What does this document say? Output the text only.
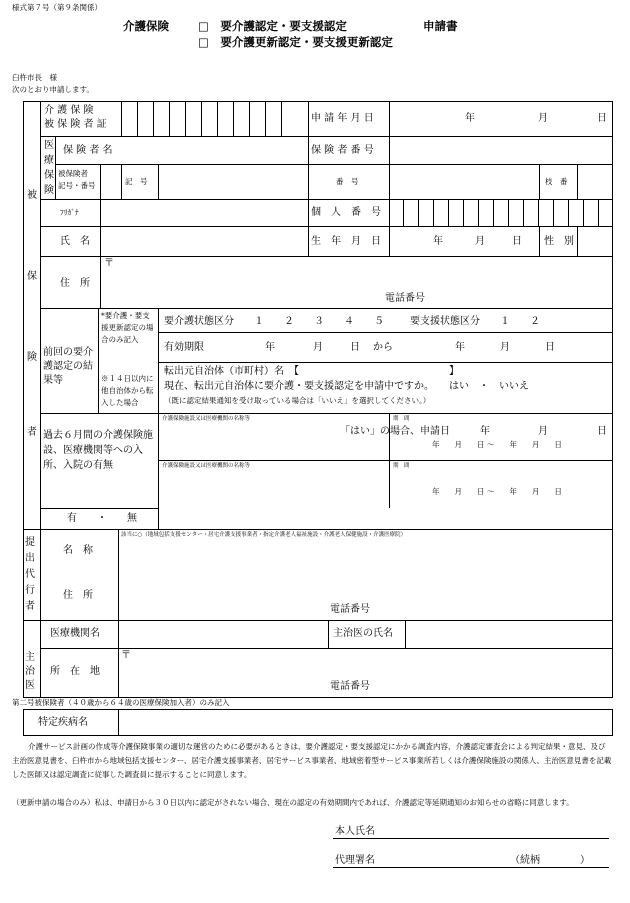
様式第７号（第９条関係）
介護保険	□　要介護認定・要支援認定
□　要介護更新認定・要支援更新認定
申請書
臼杵市長　様
次のとおり申請します。
被
保
険
者
提出代行者
主治医
介 護 保 険
被 保 険 者 証
申 請 年 月 日	年	月	日
医療保険
保 険 者 名	保 険 者 番 号
被保険者
記号・番号	記　号	番　号	枝　番
ﾌﾘｶﾞﾅ	個　人　番　号
氏　名	生　年　月　日	年	月	日 性　別
住　所
〒
電話番号
前回の要介護認定の結果等
*要介護・要支援更新認定の場合のみ記入
要介護状態区分　　１　　２　　３　　４　　５	要支援状態区分　　１　　２
有効期限	年	月	日 から	年	月	日
※１４日以内に他自治体から転入した場合
転出元自治体（市町村）名　【　　　　　　　　　　　　　　　】
現在、転出元自治体に要介護・要支援認定を申請中ですか。　　はい　・　いいえ
（既に認定結果通知を受け取っている場合は「いいえ」を選択してください。）
「はい」の場合、申請日	年	月	日
過去６月間の介護保険施設、医療機関等への入所、入院の有無
介護保険施設又は医療機関の名称等	期　間
年　　月　　日 ～　　年　　月　　日
介護保険施設又は医療機関の名称等	期　間
年　　月　　日 ～　　年　　月　　日
有　　・　　無
該当に○（地域包括支援センター・居宅介護支援事業者・指定介護老人福祉施設・介護老人保健施設・介護医療院）
名　称
住　所
電話番号
医療機関名	主治医の氏名
〒
所　在　地
電話番号
第二号被保険者（４０歳から６４歳の医療保険加入者）のみ記入
特定疾病名
介護サービス計画の作成等介護保険事業の適切な運営のために必要があるときは、要介護認定・要支援認定にかかる調査内容、介護認定審査会による判定結果・意見、及び主治医意見書を、臼杵市から地域包括支援センター、居宅介護支援事業者、居宅サービス事業者、地域密着型サービス事業所若しくは介護保険施設の関係人、主治医意見書を記載した医師又は認定調査に従事した調査員に提示することに同意します。
（更新申請の場合のみ）私は、申請日から３０日以内に認定がされない場合、現在の認定の有効期間内であれば、介護認定等延期通知のお知らせの省略に同意します。
本人氏名
代理署名	（続柄　　　　）
